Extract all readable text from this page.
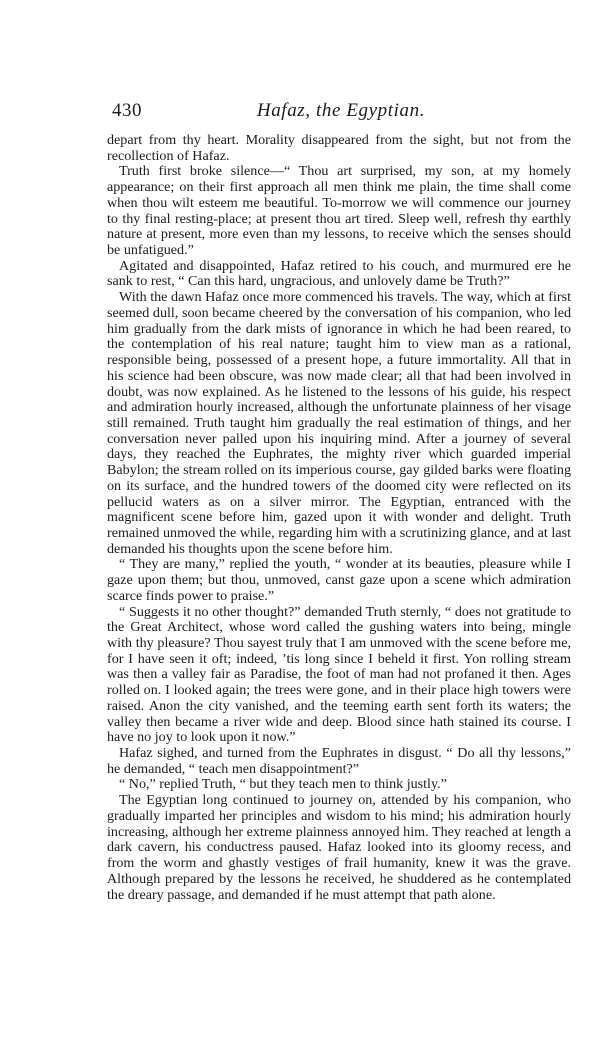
430	Hafaz, the Egyptian.

depart from thy heart. Morality disappeared from the sight, but not from the recollection of Hafaz.

Truth first broke silence—“ Thou art surprised, my son, at my homely appearance; on their first approach all men think me plain, the time shall come when thou wilt esteem me beautiful. To-morrow we will commence our journey to thy final resting-place; at present thou art tired. Sleep well, refresh thy earthly nature at present, more even than my lessons, to receive which the senses should be unfatigued.”

Agitated and disappointed, Hafaz retired to his couch, and murmured ere he sank to rest, “ Can this hard, ungracious, and unlovely dame be Truth?”

With the dawn Hafaz once more commenced his travels. The way, which at first seemed dull, soon became cheered by the conversation of his companion, who led him gradually from the dark mists of ignorance in which he had been reared, to the contemplation of his real nature; taught him to view man as a rational, responsible being, possessed of a present hope, a future immortality. All that in his science had been obscure, was now made clear; all that had been involved in doubt, was now explained. As he listened to the lessons of his guide, his respect and admiration hourly increased, although the unfortunate plainness of her visage still remained. Truth taught him gradually the real estimation of things, and her conversation never palled upon his inquiring mind. After a journey of several days, they reached the Euphrates, the mighty river which guarded imperial Babylon; the stream rolled on its imperious course, gay gilded barks were floating on its surface, and the hundred towers of the doomed city were reflected on its pellucid waters as on a silver mirror. The Egyptian, entranced with the magnificent scene before him, gazed upon it with wonder and delight. Truth remained unmoved the while, regarding him with a scrutinizing glance, and at last demanded his thoughts upon the scene before him.

“ They are many,” replied the youth, “ wonder at its beauties, pleasure while I gaze upon them; but thou, unmoved, canst gaze upon a scene which admiration scarce finds power to praise.”

“ Suggests it no other thought?” demanded Truth sternly, “ does not gratitude to the Great Architect, whose word called the gushing waters into being, mingle with thy pleasure? Thou sayest truly that I am unmoved with the scene before me, for I have seen it oft; indeed, ’tis long since I beheld it first. Yon rolling stream was then a valley fair as Paradise, the foot of man had not profaned it then. Ages rolled on. I looked again; the trees were gone, and in their place high towers were raised. Anon the city vanished, and the teeming earth sent forth its waters; the valley then became a river wide and deep. Blood since hath stained its course. I have no joy to look upon it now.”

Hafaz sighed, and turned from the Euphrates in disgust. “ Do all thy lessons,” he demanded, “ teach men disappointment?”

“ No,” replied Truth, “ but they teach men to think justly.”

The Egyptian long continued to journey on, attended by his companion, who gradually imparted her principles and wisdom to his mind; his admiration hourly increasing, although her extreme plainness annoyed him. They reached at length a dark cavern, his conductress paused. Hafaz looked into its gloomy recess, and from the worm and ghastly vestiges of frail humanity, knew it was the grave. Although prepared by the lessons he received, he shuddered as he contemplated the dreary passage, and demanded if he must attempt that path alone.
